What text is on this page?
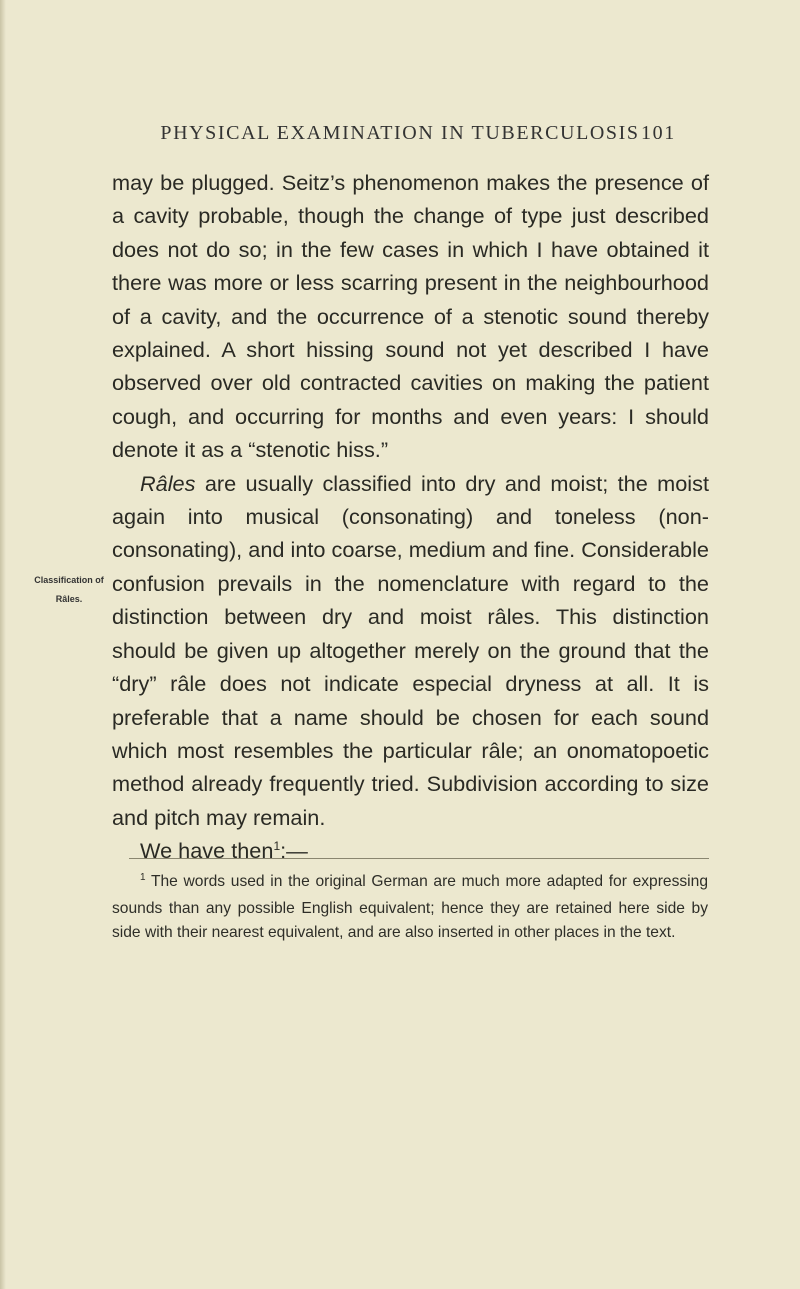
PHYSICAL EXAMINATION IN TUBERCULOSIS 101
Classification of
Râles.

may be plugged. Seitz’s phenomenon makes the presence of a cavity probable, though the change of type just described does not do so; in the few cases in which I have obtained it there was more or less scarring present in the neighbourhood of a cavity, and the occurrence of a stenotic sound thereby explained. A short hissing sound not yet described I have observed over old contracted cavities on making the patient cough, and occurring for months and even years: I should denote it as a “stenotic hiss.”

Râles are usually classified into dry and moist; the moist again into musical (consonating) and toneless (non-consonating), and into coarse, medium and fine. Considerable confusion prevails in the nomenclature with regard to the distinction between dry and moist râles. This distinction should be given up altogether merely on the ground that the “dry” râle does not indicate especial dryness at all. It is preferable that a name should be chosen for each sound which most resembles the particular râle; an onomatopoetic method already frequently tried. Subdivision according to size and pitch may remain.

We have then$^1$:—

$^1$ The words used in the original German are much more adapted for expressing sounds than any possible English equivalent; hence they are retained here side by side with their nearest equivalent, and are also inserted in other places in the text.
